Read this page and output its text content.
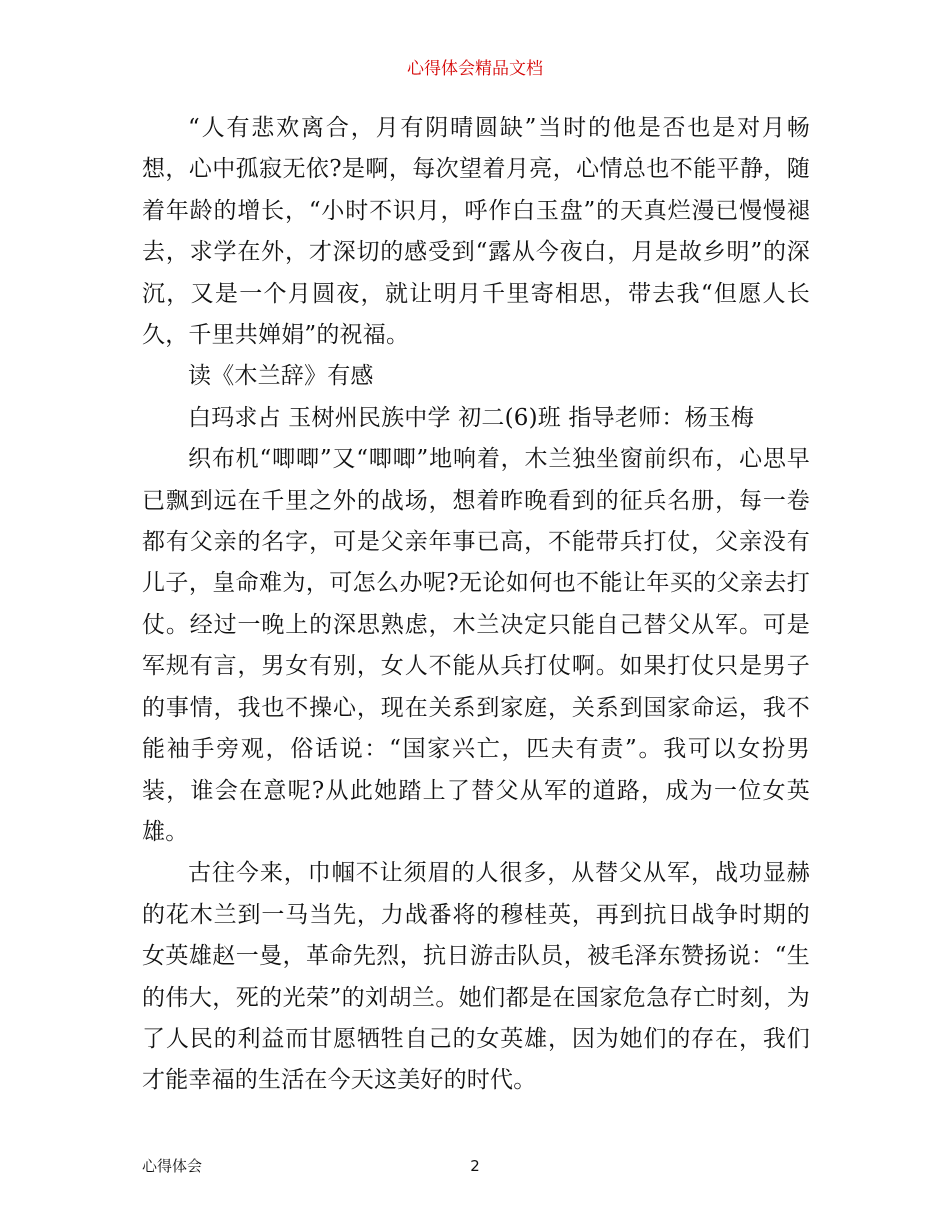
心得体会精品文档

“人有悲欢离合，月有阴晴圆缺”当时的他是否也是对月畅想，心中孤寂无依?是啊，每次望着月亮，心情总也不能平静，随着年龄的增长，“小时不识月，呼作白玉盘”的天真烂漫已慢慢褪去，求学在外，才深切的感受到“露从今夜白，月是故乡明”的深沉，又是一个月圆夜，就让明月千里寄相思，带去我“但愿人长久，千里共婵娟”的祝福。

读《木兰辞》有感

白玛求占 玉树州民族中学 初二(6)班 指导老师：杨玉梅

织布机“唧唧”又“唧唧”地响着，木兰独坐窗前织布，心思早已飘到远在千里之外的战场，想着昨晚看到的征兵名册，每一卷都有父亲的名字，可是父亲年事已高，不能带兵打仗，父亲没有儿子，皇命难为，可怎么办呢?无论如何也不能让年买的父亲去打仗。经过一晚上的深思熟虑，木兰决定只能自己替父从军。可是军规有言，男女有别，女人不能从兵打仗啊。如果打仗只是男子的事情，我也不操心，现在关系到家庭，关系到国家命运，我不能袖手旁观，俗话说：“国家兴亡，匹夫有责”。我可以女扮男装，谁会在意呢?从此她踏上了替父从军的道路，成为一位女英雄。

古往今来，巾帼不让须眉的人很多，从替父从军，战功显赫的花木兰到一马当先，力战番将的穆桂英，再到抗日战争时期的女英雄赵一曼，革命先烈，抗日游击队员，被毛泽东赞扬说：“生的伟大，死的光荣”的刘胡兰。她们都是在国家危急存亡时刻，为了人民的利益而甘愿牺牲自己的女英雄，因为她们的存在，我们才能幸福的生活在今天这美好的时代。

心得体会	2
